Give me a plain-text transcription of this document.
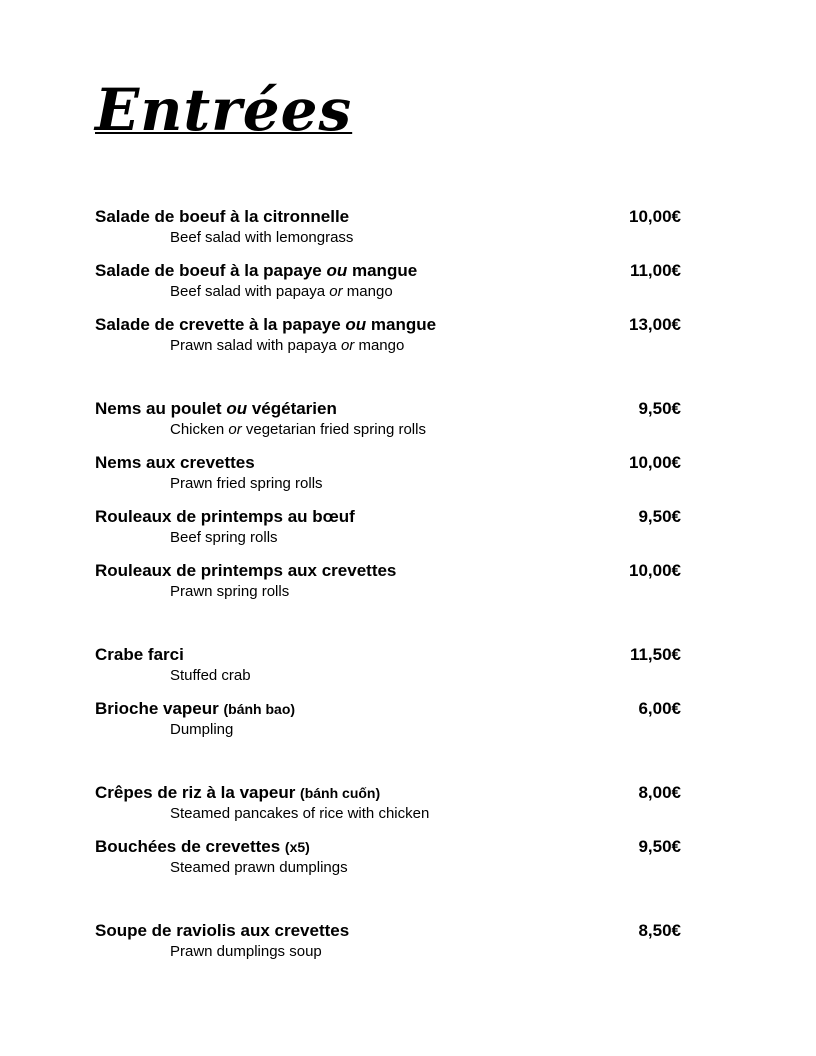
Entrées
Salade de boeuf à la citronnelle	10,00€
Beef salad with lemongrass
Salade de boeuf à la papaye ou mangue	11,00€
Beef salad with papaya or mango
Salade de crevette à la papaye ou mangue	13,00€
Prawn salad with papaya or mango
Nems au poulet ou végétarien	9,50€
Chicken or vegetarian fried spring rolls
Nems aux crevettes	10,00€
Prawn fried spring rolls
Rouleaux de printemps au bœuf	9,50€
Beef spring rolls
Rouleaux de printemps aux crevettes	10,00€
Prawn spring rolls
Crabe farci	11,50€
Stuffed crab
Brioche vapeur (bánh bao)	6,00€
Dumpling
Crêpes de riz à la vapeur (bánh cuốn)	8,00€
Steamed pancakes of rice with chicken
Bouchées de crevettes (x5)	9,50€
Steamed prawn dumplings
Soupe de raviolis aux crevettes	8,50€
Prawn dumplings soup
